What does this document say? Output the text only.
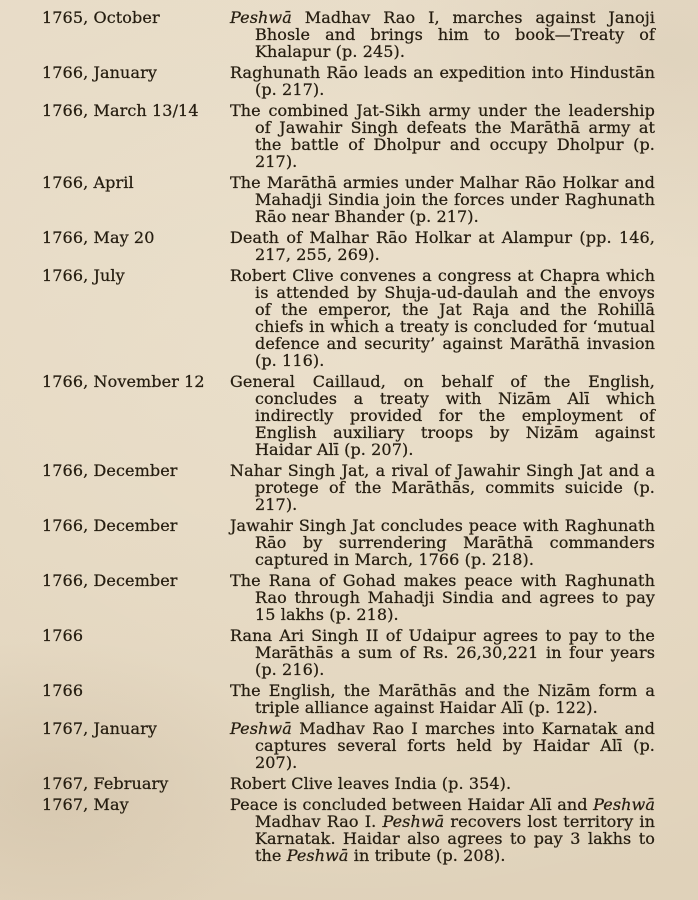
1765, October	Peshwā Madhav Rao I, marches against Janoji Bhosle and brings him to book—Treaty of Khalapur (p. 245).
1766, January	Raghunath Rāo leads an expedition into Hindustān (p. 217).
1766, March 13/14	The combined Jat-Sikh army under the leadership of Jawahir Singh defeats the Marāthā army at the battle of Dholpur and occupy Dholpur (p. 217).
1766, April	The Marāthā armies under Malhar Rāo Holkar and Mahadji Sindia join the forces under Raghunath Rāo near Bhander (p. 217).
1766, May 20	Death of Malhar Rāo Holkar at Alampur (pp. 146, 217, 255, 269).
1766, July	Robert Clive convenes a congress at Chapra which is attended by Shuja-ud-daulah and the envoys of the emperor, the Jat Raja and the Rohillā chiefs in which a treaty is concluded for ‘mutual defence and security’ against Marāthā invasion (p. 116).
1766, November 12	General Caillaud, on behalf of the English, concludes a treaty with Nizām Alī which indirectly provided for the employment of English auxiliary troops by Nizām against Haidar Alī (p. 207).
1766, December	Nahar Singh Jat, a rival of Jawahir Singh Jat and a protege of the Marāthās, commits suicide (p. 217).
1766, December	Jawahir Singh Jat concludes peace with Raghunath Rāo by surrendering Marāthā commanders captured in March, 1766 (p. 218).
1766, December	The Rana of Gohad makes peace with Raghunath Rao through Mahadji Sindia and agrees to pay 15 lakhs (p. 218).
1766	Rana Ari Singh II of Udaipur agrees to pay to the Marāthās a sum of Rs. 26,30,221 in four years (p. 216).
1766	The English, the Marāthās and the Nizām form a triple alliance against Haidar Alī (p. 122).
1767, January	Peshwā Madhav Rao I marches into Karnatak and captures several forts held by Haidar Alī (p. 207).
1767, February	Robert Clive leaves India (p. 354).
1767, May	Peace is concluded between Haidar Alī and Peshwā Madhav Rao I. Peshwā recovers lost territory in Karnatak. Haidar also agrees to pay 3 lakhs to the Peshwā in tribute (p. 208).
